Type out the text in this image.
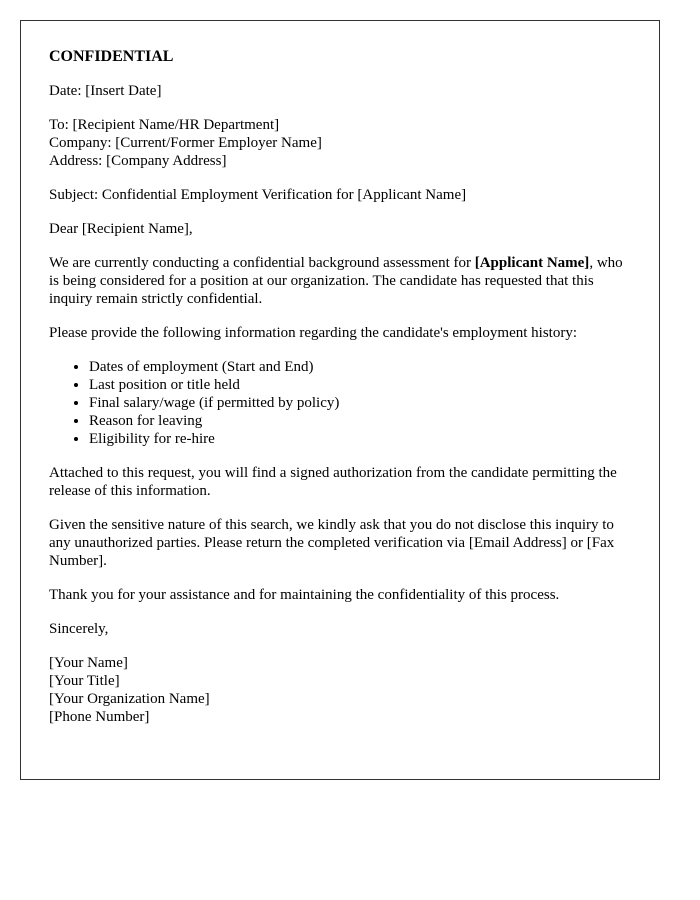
CONFIDENTIAL

Date: [Insert Date]

To: [Recipient Name/HR Department]
Company: [Current/Former Employer Name]
Address: [Company Address]

Subject: Confidential Employment Verification for [Applicant Name]

Dear [Recipient Name],

We are currently conducting a confidential background assessment for [Applicant Name], who is being considered for a position at our organization. The candidate has requested that this inquiry remain strictly confidential.

Please provide the following information regarding the candidate's employment history:

• Dates of employment (Start and End)
• Last position or title held
• Final salary/wage (if permitted by policy)
• Reason for leaving
• Eligibility for re-hire

Attached to this request, you will find a signed authorization from the candidate permitting the release of this information.

Given the sensitive nature of this search, we kindly ask that you do not disclose this inquiry to any unauthorized parties. Please return the completed verification via [Email Address] or [Fax Number].

Thank you for your assistance and for maintaining the confidentiality of this process.

Sincerely,

[Your Name]
[Your Title]
[Your Organization Name]
[Phone Number]
